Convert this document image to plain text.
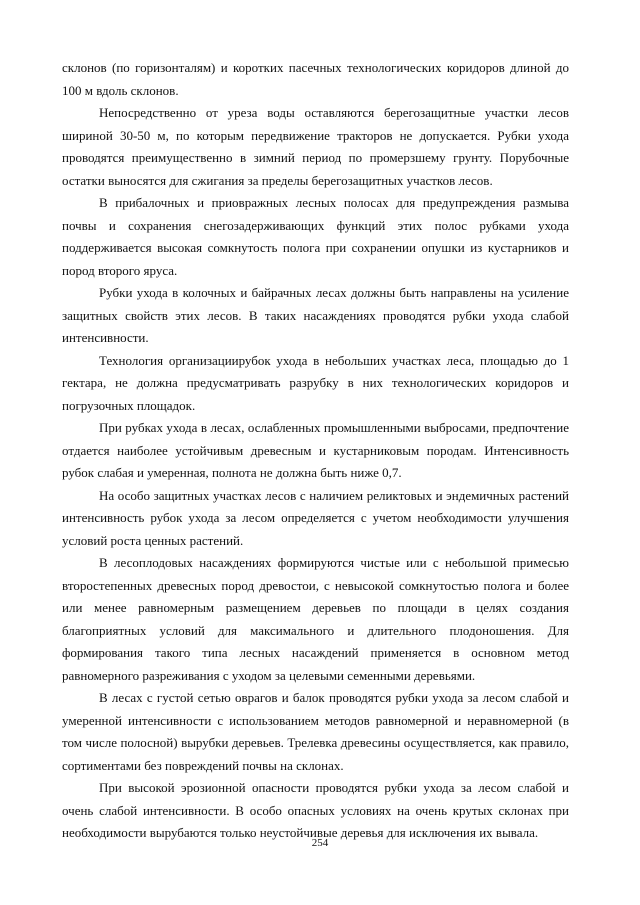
склонов (по горизонталям) и коротких пасечных технологических коридоров длиной до 100 м вдоль склонов.

Непосредственно от уреза воды оставляются берегозащитные участки лесов шириной 30-50 м, по которым передвижение тракторов не допускается. Рубки ухода проводятся преимущественно в зимний период по промерзшему грунту. Порубочные остатки выносятся для сжигания за пределы берегозащитных участков лесов.

В прибалочных и приовражных лесных полосах для предупреждения размыва почвы и сохранения снегозадерживающих функций этих полос рубками ухода поддерживается высокая сомкнутость полога при сохранении опушки из кустарников и пород второго яруса.

Рубки ухода в колочных и байрачных лесах должны быть направлены на усиление защитных свойств этих лесов. В таких насаждениях проводятся рубки ухода слабой интенсивности.

Технология организациирубок ухода в небольших участках леса, площадью до 1 гектара, не должна предусматривать разрубку в них технологических коридоров и погрузочных площадок.

При рубках ухода в лесах, ослабленных промышленными выбросами, предпочтение отдается наиболее устойчивым древесным и кустарниковым породам. Интенсивность рубок слабая и умеренная, полнота не должна быть ниже 0,7.

На особо защитных участках лесов с наличием реликтовых и эндемичных растений интенсивность рубок ухода за лесом определяется с учетом необходимости улучшения условий роста ценных растений.

В лесоплодовых насаждениях формируются чистые или с небольшой примесью второстепенных древесных пород древостои, с невысокой сомкнутостью полога и более или менее равномерным размещением деревьев по площади в целях создания благоприятных условий для максимального и длительного плодоношения. Для формирования такого типа лесных насаждений применяется в основном метод равномерного разреживания с уходом за целевыми семенными деревьями.

В лесах с густой сетью оврагов и балок проводятся рубки ухода за лесом слабой и умеренной интенсивности с использованием методов равномерной и неравномерной (в том числе полосной) вырубки деревьев. Трелевка древесины осуществляется, как правило, сортиментами без повреждений почвы на склонах.

При высокой эрозионной опасности проводятся рубки ухода за лесом слабой и очень слабой интенсивности. В особо опасных условиях на очень крутых склонах при необходимости вырубаются только неустойчивые деревья для исключения их вывала.

254
